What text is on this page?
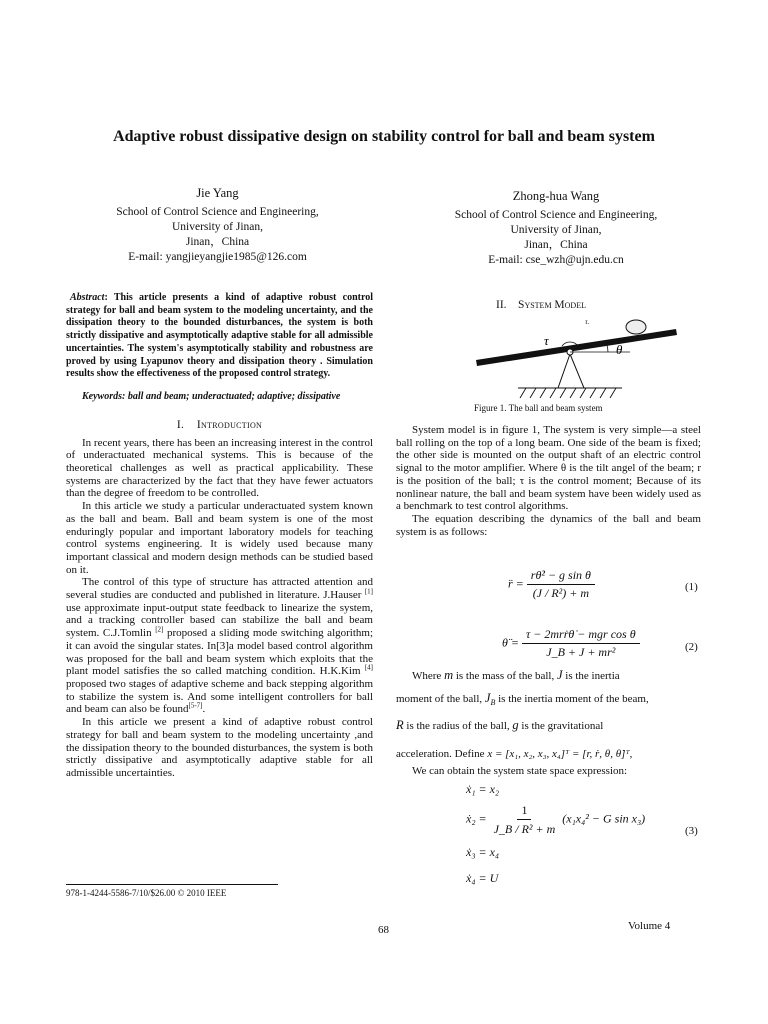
Adaptive robust dissipative design on stability control for ball and beam system
Jie Yang
School of Control Science and Engineering,
University of Jinan,
Jinan，China
E-mail: yangjieyangjie1985@126.com
Zhong-hua Wang
School of Control Science and Engineering,
University of Jinan,
Jinan，China
E-mail: cse_wzh@ujn.edu.cn
Abstract: This article presents a kind of adaptive robust control strategy for ball and beam system to the modeling uncertainty, and the dissipation theory to the bounded disturbances, the system is both strictly dissipative and asymptotically adaptive stable for all admissible uncertainties. The system's asymptotically stability and robustness are proved by using Lyapunov theory and dissipation theory . Simulation results show the effectiveness of the proposed control strategy.
Keywords: ball and beam; underactuated; adaptive; dissipative
I. Introduction

In recent years, there has been an increasing interest in the control of underactuated mechanical systems. This is because of the theoretical challenges as well as practical applicability. These systems are characterized by the fact that they have fewer actuators than the degree of freedom to be controlled.

In this article we study a particular underactuated system known as the ball and beam. Ball and beam system is one of the most enduringly popular and important laboratory models for teaching control systems engineering. It is widely used because many important classical and modern design methods can be studied based on it.

The control of this type of structure has attracted attention and several studies are conducted and published in literature. J.Hauser [1] use approximate input-output state feedback to linearize the system, and a tracking controller based can stabilize the ball and beam system. C.J.Tomlin [2] proposed a sliding mode switching algorithm; it can avoid the singular states. In[3]a model based control algorithm was proposed for the ball and beam system which exploits that the plant model satisfies the so called matching condition. H.K.Kim [4] proposed two stages of adaptive scheme and back stepping algorithm to stabilize the system is. And some intelligent controllers for ball and beam can also be found[5-7].

In this article we present a kind of adaptive robust control strategy for ball and beam system to the modeling uncertainty ,and the dissipation theory to the bounded disturbances, the system is both strictly dissipative and asymptotically adaptive stable for all admissible uncertainties.

II. System Model
θ
τ
τ.
Figure 1. The ball and beam system

System model is in figure 1, The system is very simple—a steel ball rolling on the top of a long beam. One side of the beam is fixed; the other side is mounted on the output shaft of an electric control signal to the motor amplifier. Where θ is the tilt angel of the beam; r is the position of the ball; τ is the control moment; Because of its nonlinear nature, the ball and beam system have been widely used as a benchmark to test control algorithms.

The equation describing the dynamics of the ball and beam system is as follows:

r̈ = $\frac{\text{rθ̇² − g sin θ}}{\text{(J / R²) + m}}$	(1)
θ̈ = $\frac{\text{τ − 2mrṙθ̇ − mgr cos θ}}{\text{J\_B + J + mr²}}$	(2)
Where m is the mass of the ball, J is the inertia
moment of the ball, $J_B$ is the inertia moment of the beam,
R is the radius of the ball, g is the gravitational
acceleration. Define x = [x₁, x₂, x₃, x₄]ᵀ = [r, ṙ, θ, θ̇]ᵀ,
We can obtain the system state space expression:
ẋ₁ = x₂
ẋ₂ = $\frac{1}{\text{J\_B / R² + m}} (x_1x_4^2 - G$ sin x₃)
ẋ₃ = x₄
ẋ₄ = U
(3)
978-1-4244-5586-7/10/$26.00 © 2010 IEEE
68	Volume 4
